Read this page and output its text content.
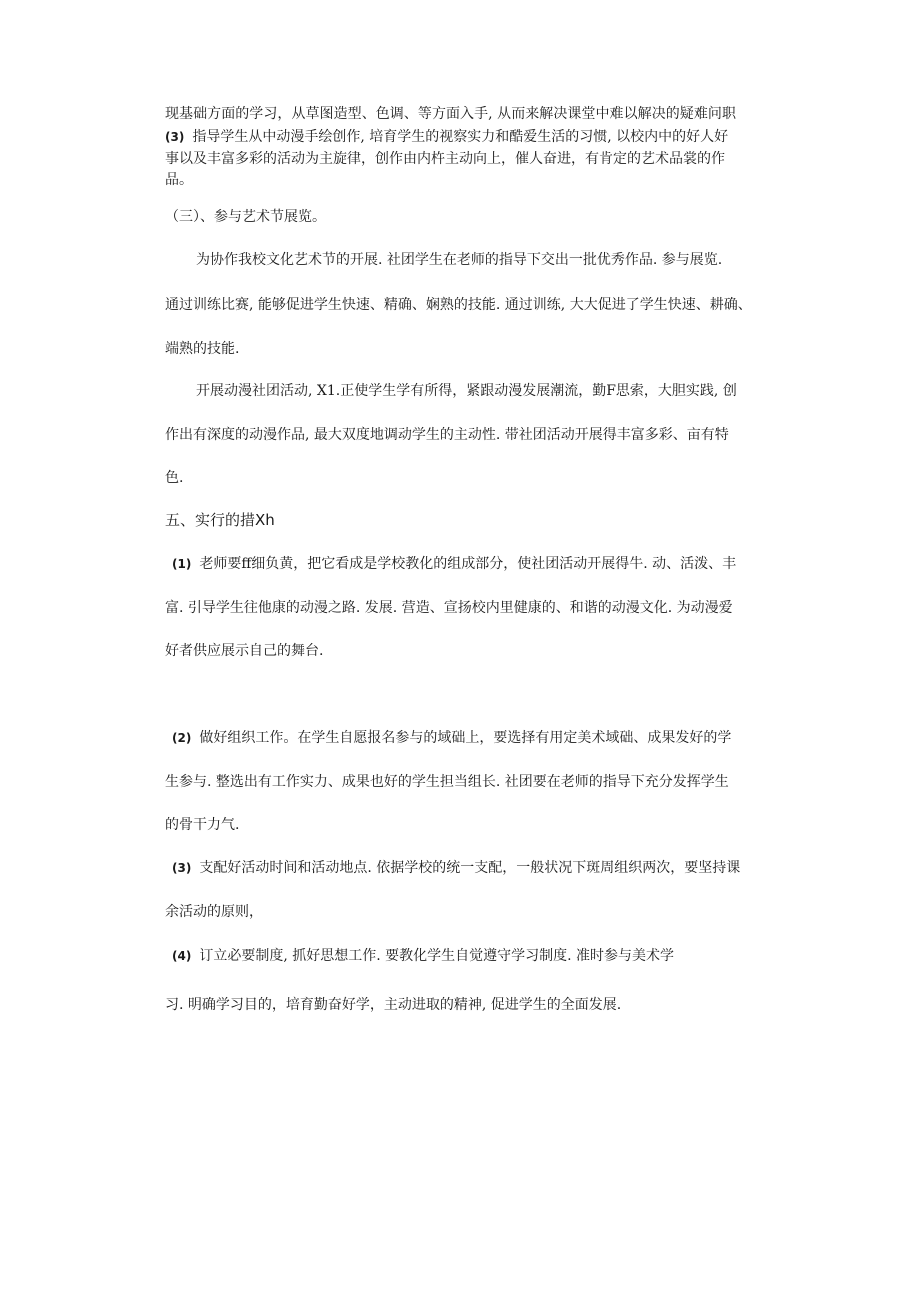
现基础方面的学习，从草图造型、色调、等方面入手, 从而来解决课堂中难以解决的疑难问职
(3) 指导学生从中动漫手绘创作, 培育学生的视察实力和酷爱生活的习惯, 以校内中的好人好
事以及丰富多彩的活动为主旋律，创作由内杵主动向上，催人奋进，有肯定的艺术品裳的作
品。
（三）、参与艺术节展览。
为协作我校文化艺术节的开展. 社团学生在老师的指导下交出一批优秀作品. 参与展览.
通过训练比赛, 能够促进学生快速、精确、娴熟的技能. 通过训练, 大大促进了学生快速、耕确、
端熟的技能.
开展动漫社团活动, X1.正使学生学有所得，紧跟动漫发展潮流，勤F思索，大胆实践, 创
作出有深度的动漫作品, 最大双度地调动学生的主动性. 带社团活动开展得丰富多彩、亩有特
色.
五、实行的措Xh
(1) 老师要ff细负黄，把它看成是学校教化的组成部分，使社团活动开展得牛. 动、活泼、丰
富. 引导学生往他康的动漫之路. 发展. 营造、宣扬校内里健康的、和谐的动漫文化. 为动漫爱
好者供应展示自己的舞台.
(2) 做好组织工作。在学生自愿报名参与的域础上，要选择有用定美术域础、成果发好的学
生参与. 整选出有工作实力、成果也好的学生担当组长. 社团要在老师的指导下充分发挥学生
的骨干力气.
(3) 支配好活动时间和活动地点. 依据学校的统一支配，一般状况下斑周组织两次，要坚持课
余活动的原则，
(4) 订立必要制度, 抓好思想工作. 要教化学生自觉遵守学习制度. 准时参与美术学
习. 明确学习目的，培育勤奋好学，主动进取的精神, 促进学生的全面发展.
